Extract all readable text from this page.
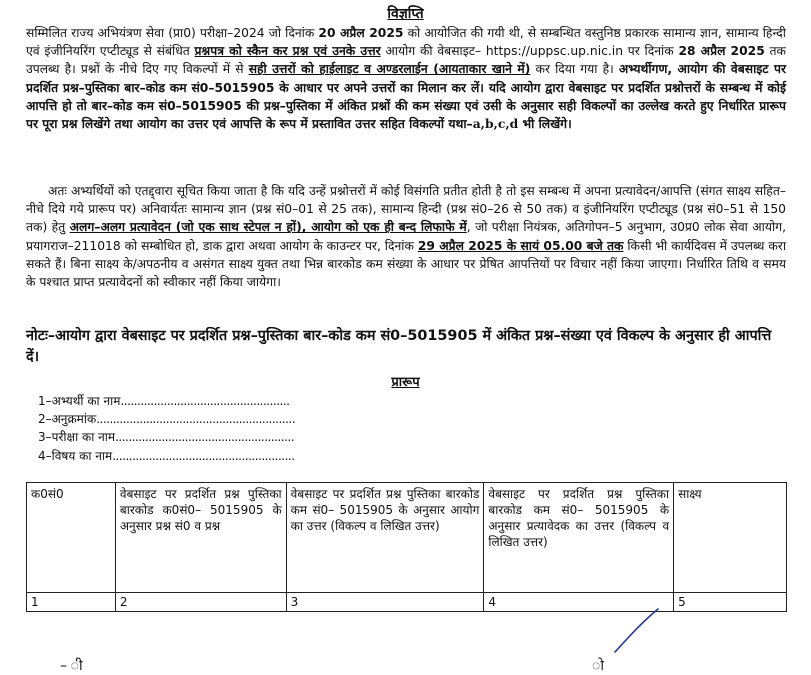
विज्ञप्ति
सम्मिलित राज्य अभियंत्रण सेवा (प्रा0) परीक्षा–2024 जो दिनांक 20 अप्रैल 2025 को आयोजित की गयी थी, से सम्बन्धित वस्तुनिष्ठ प्रकारक सामान्य ज्ञान, सामान्य हिन्दी एवं इंजीनियरिंग एप्टीट्यूड से संबंधित प्रश्नपत्र को स्कैन कर प्रश्न एवं उनके उत्तर आयोग की वेबसाइट– https://uppsc.up.nic.in पर दिनांक 28 अप्रैल 2025 तक उपलब्ध है। प्रश्नों के नीचे दिए गए विकल्पों में से सही उत्तरों को हाईलाइट व अण्डरलाईन (आयताकार खाने में) कर दिया गया है। अभ्यर्थीगण, आयोग की वेबसाइट पर प्रदर्शित प्रश्न–पुस्तिका बार–कोड कम सं0–5015905 के आधार पर अपने उत्तरों का मिलान कर लें। यदि आयोग द्वारा वेबसाइट पर प्रदर्शित प्रश्नोत्तरों के सम्बन्ध में कोई आपत्ति हो तो बार–कोड कम सं0–5015905 की प्रश्न–पुस्तिका में अंकित प्रश्नों की कम संख्या एवं उसी के अनुसार सही विकल्पों का उल्लेख करते हुए निर्धारित प्रारूप पर पूरा प्रश्न लिखेंगे तथा आयोग का उत्तर एवं आपत्ति के रूप में प्रस्तावित उत्तर सहित विकल्पों यथा–a,b,c,d भी लिखेंगे।
अतः अभ्यर्थियों को एतद्द्वारा सूचित किया जाता है कि यदि उन्हें प्रश्नोत्तरों में कोई विसंगति प्रतीत होती है तो इस सम्बन्ध में अपना प्रत्यावेदन/आपत्ति (संगत साक्ष्य सहित–नीचे दिये गये प्रारूप पर) अनिवार्यतः सामान्य ज्ञान (प्रश्न सं0–01 से 25 तक), सामान्य हिन्दी (प्रश्न सं0–26 से 50 तक) व इंजीनियरिंग एप्टीट्यूड (प्रश्न सं0–51 से 150 तक) हेतु अलग–अलग प्रत्यावेदन (जो एक साथ स्टेपल न हों), आयोग को एक ही बन्द लिफाफे में, जो परीक्षा नियंत्रक, अतिगोपन–5 अनुभाग, उ0प्र0 लोक सेवा आयोग, प्रयागराज–211018 को सम्बोधित हो, डाक द्वारा अथवा आयोग के काउन्टर पर, दिनांक 29 अप्रैल 2025 के सायं 05.00 बजे तक किसी भी कार्यदिवस में उपलब्ध करा सकते हैं। बिना साक्ष्य के/अपठनीय व असंगत साक्ष्य युक्त तथा भिन्न बारकोड कम संख्या के आधार पर प्रेषित आपत्तियों पर विचार नहीं किया जाएगा। निर्धारित तिथि व समय के पश्चात प्राप्त प्रत्यावेदनों को स्वीकार नहीं किया जायेगा।
नोटः–आयोग द्वारा वेबसाइट पर प्रदर्शित प्रश्न–पुस्तिका बार–कोड कम सं0–5015905 में अंकित प्रश्न–संख्या एवं विकल्प के अनुसार ही आपत्ति दें।
प्रारूप
1–अभ्यर्थी का नाम...................................................
2–अनुक्रमांक............................................................
3–परीक्षा का नाम......................................................
4–विषय का नाम.......................................................
क0सं0	वेबसाइट पर प्रदर्शित प्रश्न पुस्तिका बारकोड क0सं0– 5015905 के अनुसार प्रश्न सं0 व प्रश्न	वेबसाइट पर प्रदर्शित प्रश्न पुस्तिका बारकोड कम सं0– 5015905 के अनुसार आयोग का उत्तर (विकल्प व लिखित उत्तर)	वेबसाइट पर प्रदर्शित प्रश्न पुस्तिका बारकोड कम सं0– 5015905 के अनुसार प्रत्यावेदक का उत्तर (विकल्प व लिखित उत्तर)	साक्ष्य
1	2	3	4	5
– ी	ो
